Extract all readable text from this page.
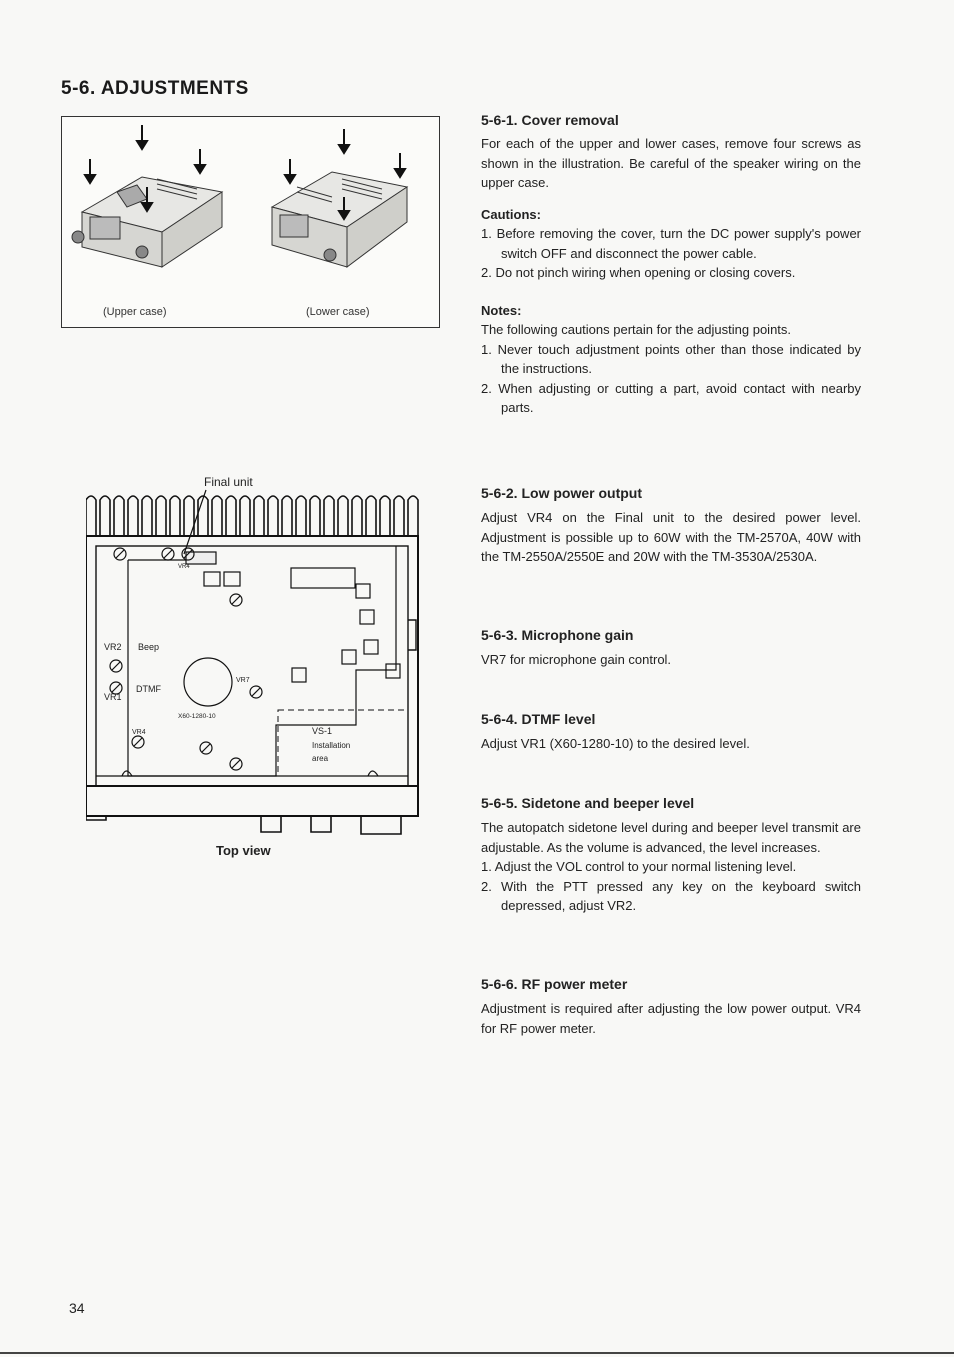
5-6. ADJUSTMENTS
(Upper case)	(Lower case)
Final unit
VR2 Beep
VR1
DTMF
VR4
VR4
VR7
X60-1280-10
VS-1
Installation
area
Top view
5-6-1. Cover removal

For each of the upper and lower cases, remove four screws as shown in the illustration. Be careful of the speaker wiring on the upper case.

Cautions:

1. Before removing the cover, turn the DC power supply's power switch OFF and disconnect the power cable.
2. Do not pinch wiring when opening or closing covers.

Notes:

The following cautions pertain for the adjusting points.

1. Never touch adjustment points other than those indicated by the instructions.
2. When adjusting or cutting a part, avoid contact with nearby parts.
5-6-2. Low power output

Adjust VR4 on the Final unit to the desired power level. Adjustment is possible up to 60W with the TM-2570A, 40W with the TM-2550A/2550E and 20W with the TM-3530A/2530A.

5-6-3. Microphone gain

VR7 for microphone gain control.

5-6-4. DTMF level

Adjust VR1 (X60-1280-10) to the desired level.

5-6-5. Sidetone and beeper level

The autopatch sidetone level during and beeper level transmit are adjustable. As the volume is advanced, the level increases.

1. Adjust the VOL control to your normal listening level.
2. With the PTT pressed any key on the keyboard switch depressed, adjust VR2.
5-6-6. RF power meter

Adjustment is required after adjusting the low power output. VR4 for RF power meter.

34
